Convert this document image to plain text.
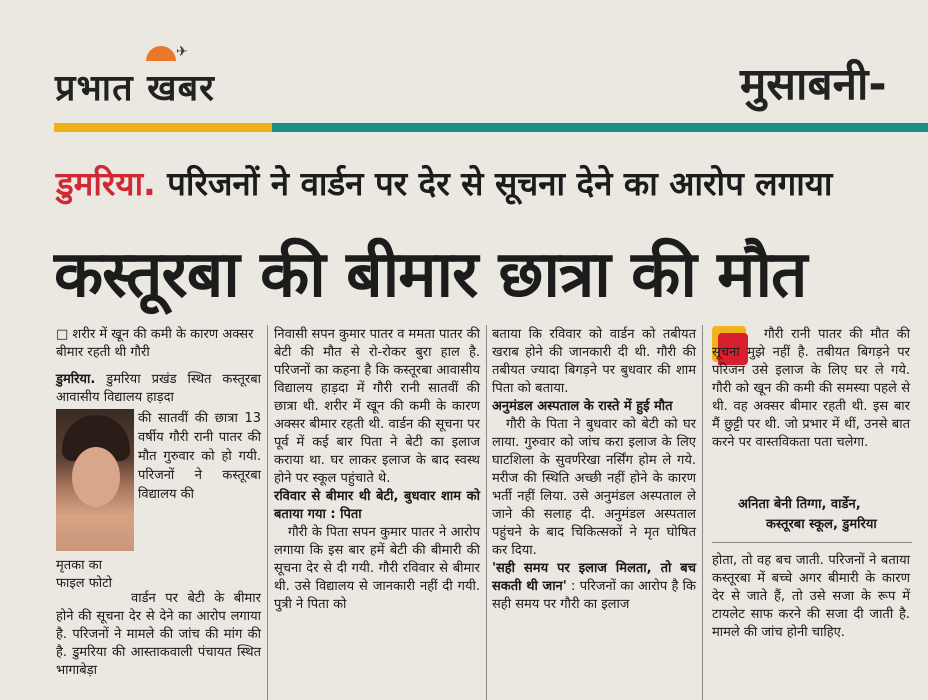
✈
प्रभात खबर	मुसाबनी-
डुमरिया. परिजनों ने वार्डन पर देर से सूचना देने का आरोप लगाया
कस्तूरबा की बीमार छात्रा की मौत
□ शरीर में खून की कमी के कारण अक्सर बीमार रहती थी गौरी
डुमरिया. डुमरिया प्रखंड स्थित कस्तूरबा आवासीय विद्यालय हाड़दा
मृतका का फाइल फोटो
की सातवीं की छात्रा 13 वर्षीय गौरी रानी पातर की मौत गुरुवार को हो गयी. परिजनों ने कस्तूरबा विद्यालय की
वार्डन पर बेटी के बीमार होने की सूचना देर से देने का आरोप लगाया है. परिजनों ने मामले की जांच की मांग की है. डुमरिया की आस्ताकवाली पंचायत स्थित भागाबेड़ा

निवासी सपन कुमार पातर व ममता पातर की बेटी की मौत से रो-रोकर बुरा हाल है. परिजनों का कहना है कि कस्तूरबा आवासीय विद्यालय हाड़दा में गौरी रानी सातवीं की छात्रा थी. शरीर में खून की कमी के कारण अक्सर बीमार रहती थी. वार्डन की सूचना पर पूर्व में कई बार पिता ने बेटी का इलाज कराया था. घर लाकर इलाज के बाद स्वस्थ होने पर स्कूल पहुंचाते थे.

रविवार से बीमार थी बेटी, बुधवार शाम को बताया गया : पिता

गौरी के पिता सपन कुमार पातर ने आरोप लगाया कि इस बार हमें बेटी की बीमारी की सूचना देर से दी गयी. गौरी रविवार से बीमार थी. उसे विद्यालय से जानकारी नहीं दी गयी. पुत्री ने पिता को

बताया कि रविवार को वार्डन को तबीयत खराब होने की जानकारी दी थी. गौरी की तबीयत ज्यादा बिगड़ने पर बुधवार की शाम पिता को बताया.

अनुमंडल अस्पताल के रास्ते में हुई मौत

गौरी के पिता ने बुधवार को बेटी को घर लाया. गुरुवार को जांच करा इलाज के लिए घाटशिला के सुवर्णरेखा नर्सिंग होम ले गये. मरीज की स्थिति अच्छी नहीं होने के कारण भर्ती नहीं लिया. उसे अनुमंडल अस्पताल ले जाने की सलाह दी. अनुमंडल अस्पताल पहुंचने के बाद चिकित्सकों ने मृत घोषित कर दिया.

'सही समय पर इलाज मिलता, तो बच सकती थी जान' : परिजनों का आरोप है कि सही समय पर गौरी का इलाज

गौरी रानी पातर की मौत की सूचना मुझे नहीं है. तबीयत बिगड़ने पर परिजन उसे इलाज के लिए घर ले गये. गौरी को खून की कमी की समस्या पहले से थी. वह अक्सर बीमार रहती थी. इस बार मैं छुट्टी पर थी. जो प्रभार में थीं, उनसे बात करने पर वास्तविकता पता चलेगा.
अनिता बेनी तिग्गा, वार्डेन,
कस्तूरबा स्कूल, डुमरिया
होता, तो वह बच जाती. परिजनों ने बताया कस्तूरबा में बच्चे अगर बीमारी के कारण देर से जाते हैं, तो उसे सजा के रूप में टायलेट साफ करने की सजा दी जाती है. मामले की जांच होनी चाहिए.
